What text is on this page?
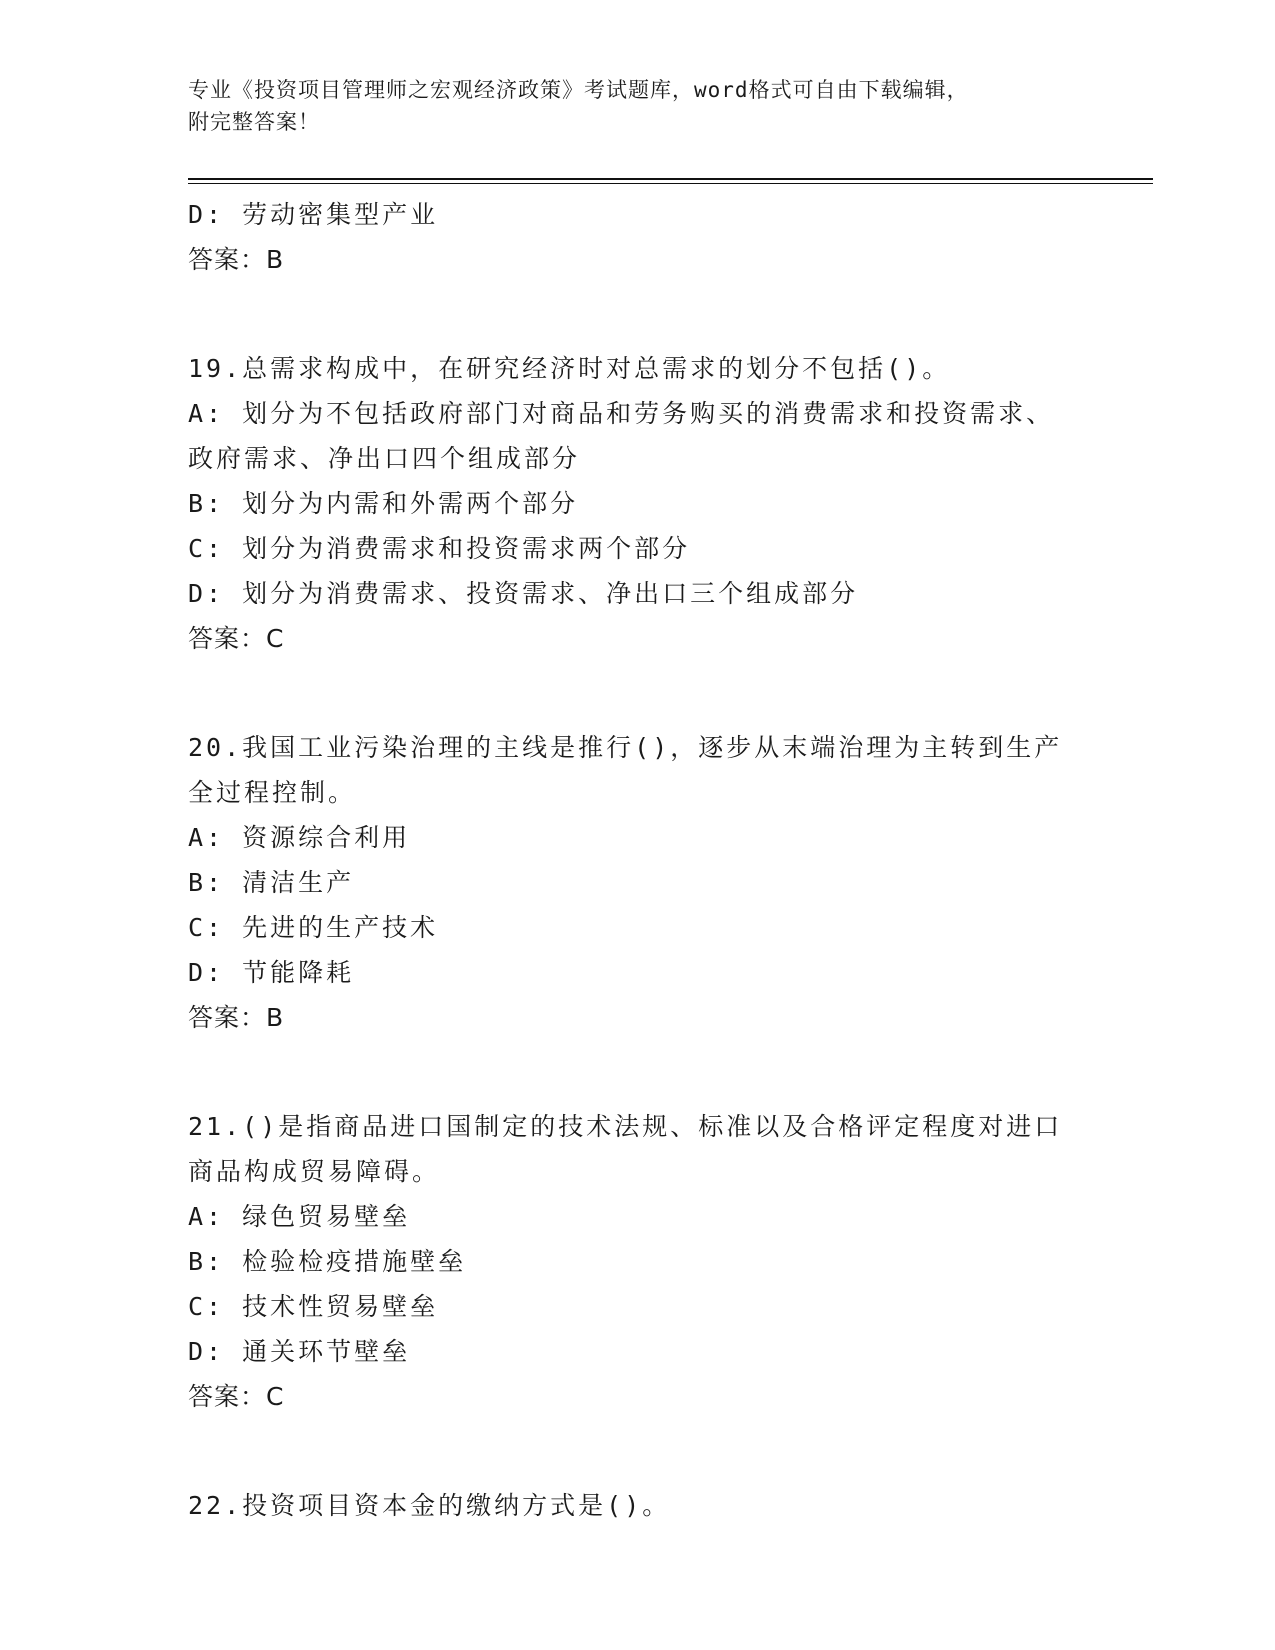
专业《投资项目管理师之宏观经济政策》考试题库，word格式可自由下载编辑，
附完整答案！
D: 劳动密集型产业
答案：B
19.总需求构成中，在研究经济时对总需求的划分不包括()。
A: 划分为不包括政府部门对商品和劳务购买的消费需求和投资需求、
政府需求、净出口四个组成部分
B: 划分为内需和外需两个部分
C: 划分为消费需求和投资需求两个部分
D: 划分为消费需求、投资需求、净出口三个组成部分
答案：C
20.我国工业污染治理的主线是推行()，逐步从末端治理为主转到生产
全过程控制。
A: 资源综合利用
B: 清洁生产
C: 先进的生产技术
D: 节能降耗
答案：B
21.()是指商品进口国制定的技术法规、标准以及合格评定程度对进口
商品构成贸易障碍。
A: 绿色贸易壁垒
B: 检验检疫措施壁垒
C: 技术性贸易壁垒
D: 通关环节壁垒
答案：C
22.投资项目资本金的缴纳方式是()。
